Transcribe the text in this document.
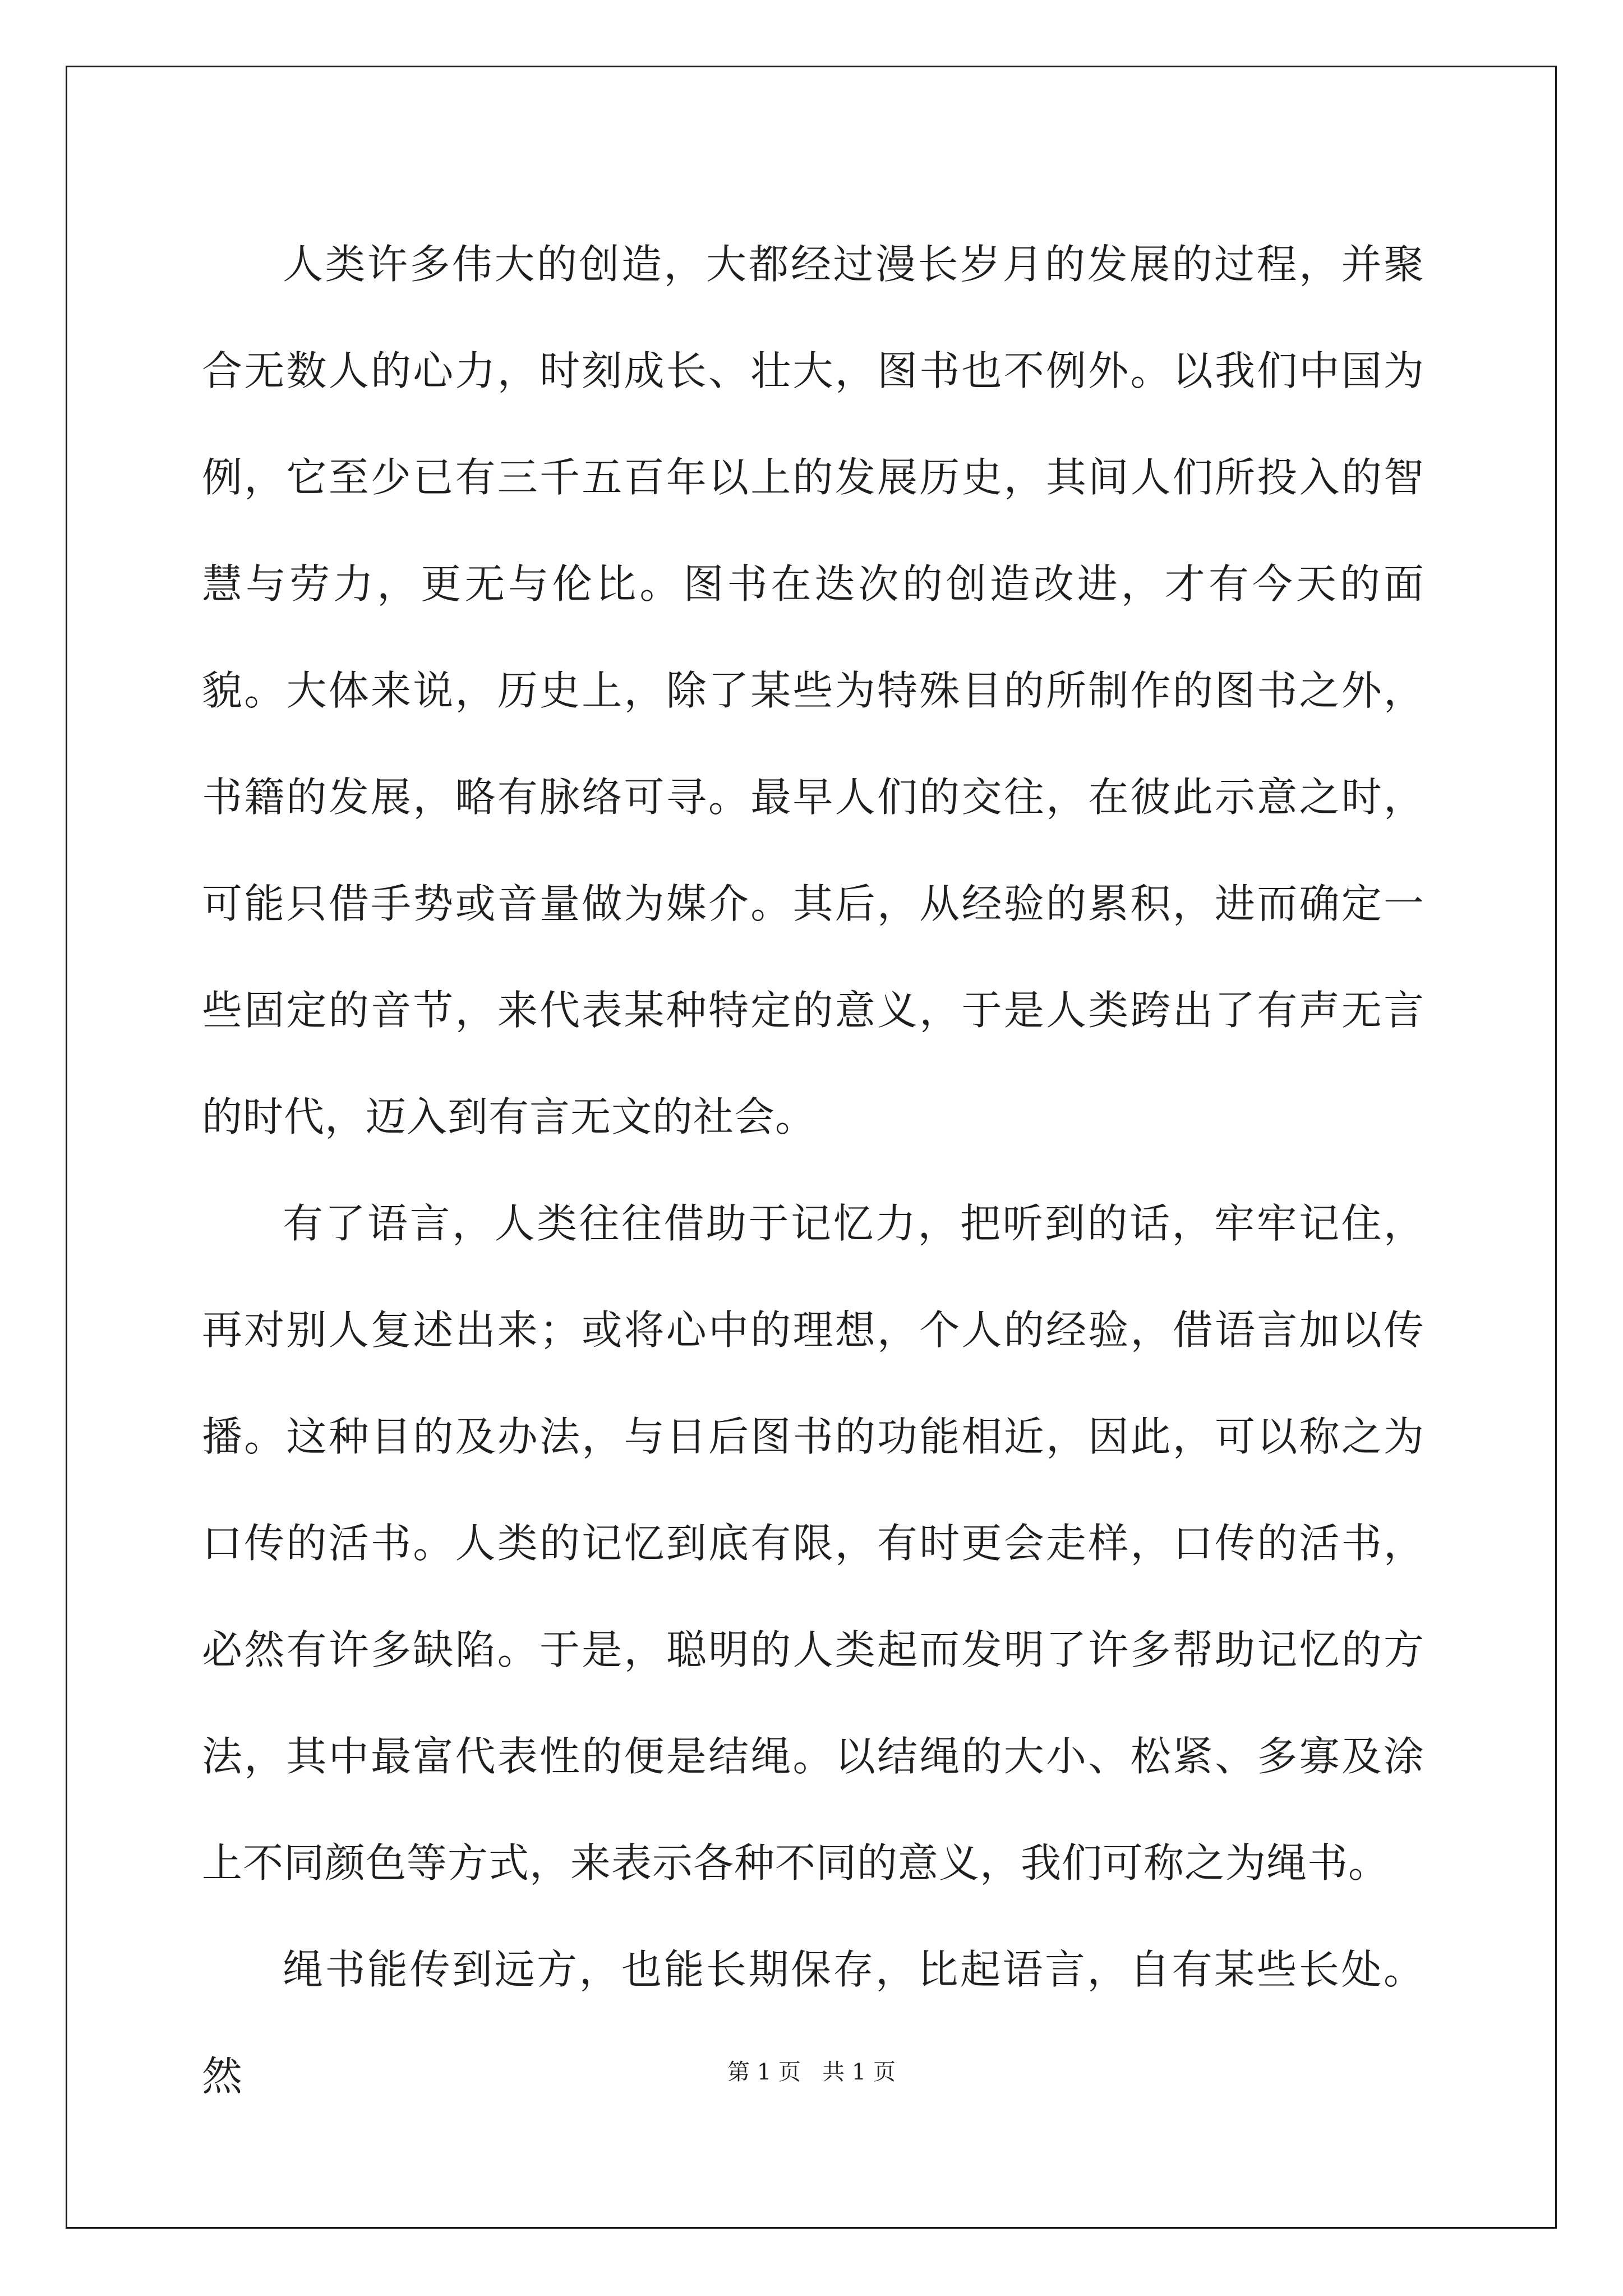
人类许多伟大的创造，大都经过漫长岁月的发展的过程，并聚合无数人的心力，时刻成长、壮大，图书也不例外。以我们中国为例，它至少已有三千五百年以上的发展历史，其间人们所投入的智慧与劳力，更无与伦比。图书在迭次的创造改进，才有今天的面貌。大体来说，历史上，除了某些为特殊目的所制作的图书之外，书籍的发展，略有脉络可寻。最早人们的交往，在彼此示意之时，可能只借手势或音量做为媒介。其后，从经验的累积，进而确定一些固定的音节，来代表某种特定的意义，于是人类跨出了有声无言的时代，迈入到有言无文的社会。

有了语言，人类往往借助于记忆力，把听到的话，牢牢记住，再对别人复述出来；或将心中的理想，个人的经验，借语言加以传播。这种目的及办法，与日后图书的功能相近，因此，可以称之为口传的活书。人类的记忆到底有限，有时更会走样，口传的活书，必然有许多缺陷。于是，聪明的人类起而发明了许多帮助记忆的方法，其中最富代表性的便是结绳。以结绳的大小、松紧、多寡及涂上不同颜色等方式，来表示各种不同的意义，我们可称之为绳书。

绳书能传到远方，也能长期保存，比起语言，自有某些长处。然	第 1 页   共 1 页
